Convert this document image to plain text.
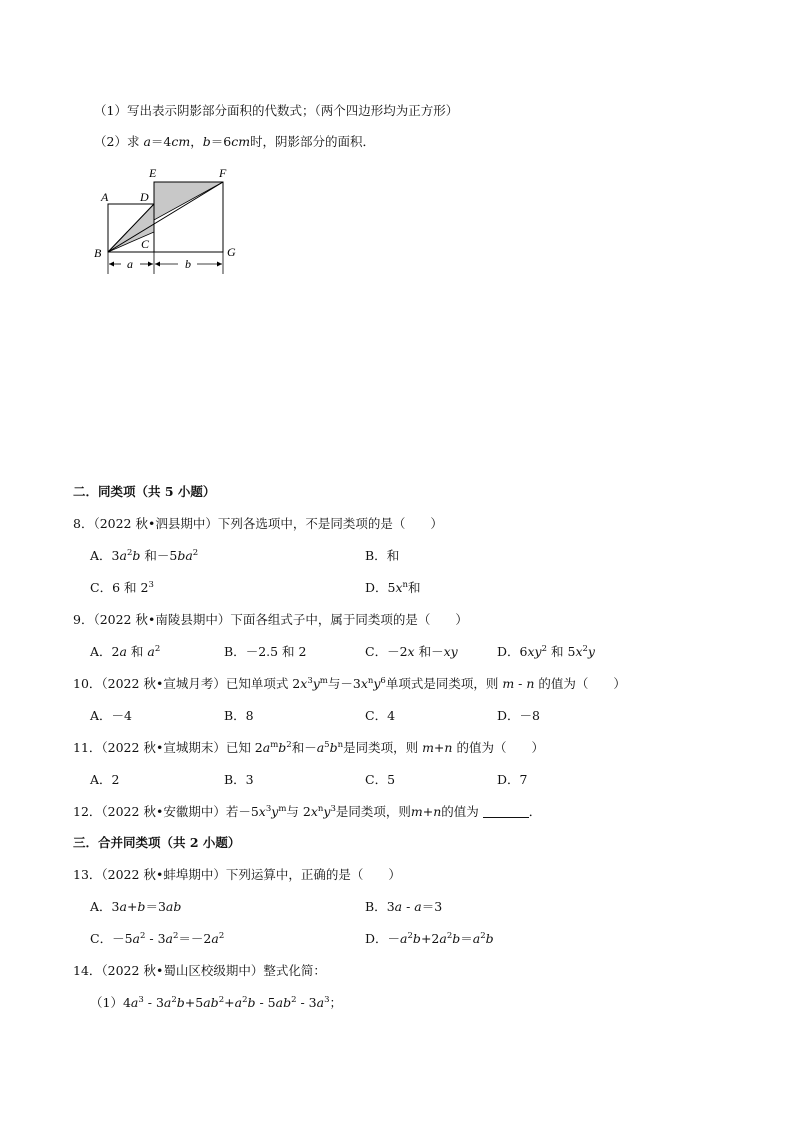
（1）写出表示阴影部分面积的代数式；（两个四边形均为正方形）
（2）求 a＝4cm，b＝6cm时，阴影部分的面积．
A
B
C
D
E	F
G
a	b
二．同类项（共 5 小题）
8．（2022 秋•泗县期中）下列各选项中，不是同类项的是（　　）
A．$3a^2b$ 和$-5ba^2$	B．和
C．6 和 $2^3$	D．$5x^n$和
9．（2022 秋•南陵县期中）下面各组式子中，属于同类项的是（　　）
A．2a 和 $a^2$	B．－2.5 和 2	C．－2x 和－xy	D．$6xy^2$ 和 $5x^2y$
10．（2022 秋•宣城月考）已知单项式 $2x^3y^m$与$-3x^ny^6$单项式是同类项，则 m - n 的值为（　　）
A．－4	B．8	C．4	D．－8
11．（2022 秋•宣城期末）已知 $2a^mb^2$和$-a^5b^n$是同类项，则 m+n 的值为（　　）
A．2	B．3	C．5	D．7
12．（2022 秋•安徽期中）若$-5x^3y^m$与 $2x^ny^3$是同类项，则m+n的值为	．
三．合并同类项（共 2 小题）
13．（2022 秋•蚌埠期中）下列运算中，正确的是（　　）
A．3a+b＝3ab	B．3a - a＝3
C．$-5a^2 - 3a^2=-2a^2$	D．$-a^2b+2a^2b=a^2b$
14．（2022 秋•蜀山区校级期中）整式化简：
$(1)4a^3 - 3a^2b+5ab^2+a^2b - 5ab^2 - 3a^3$；
